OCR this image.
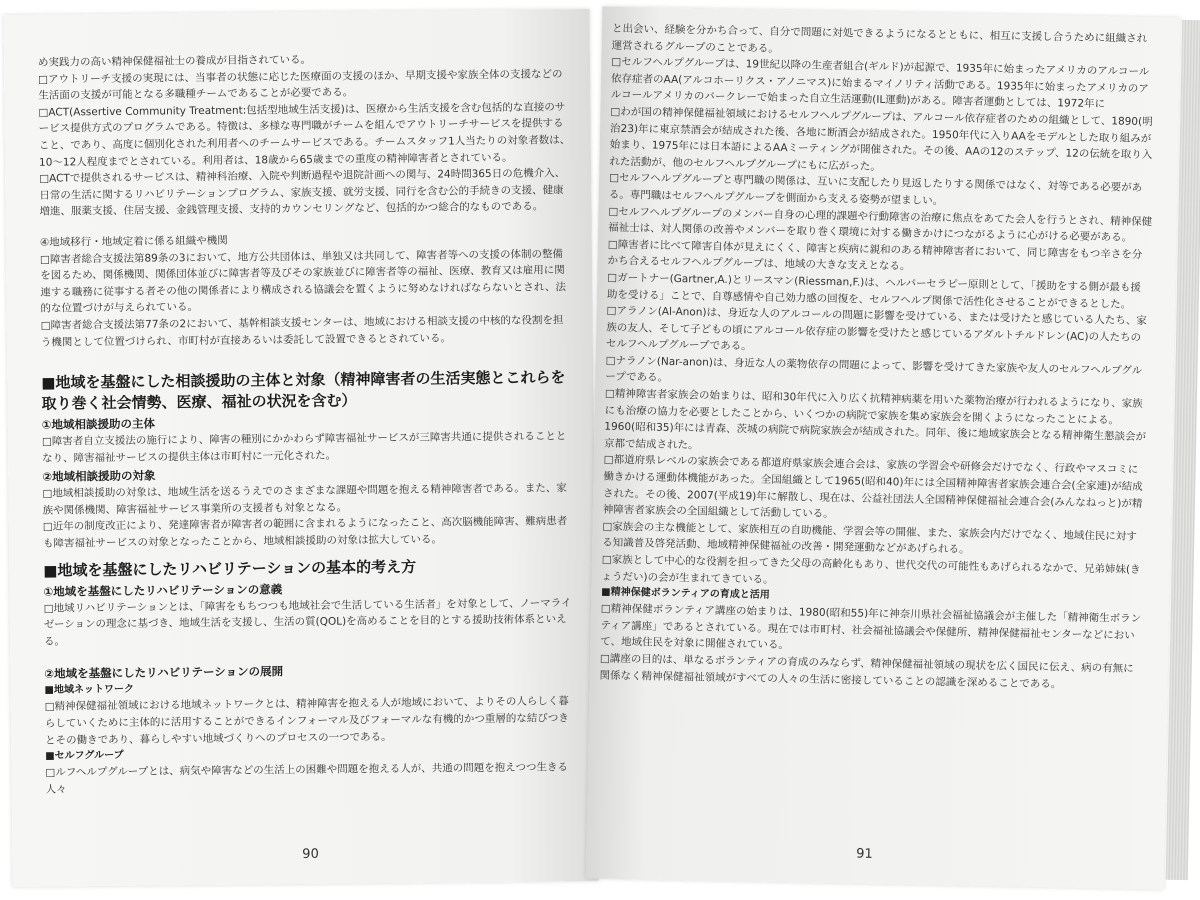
め実践力の高い精神保健福祉士の養成が目指されている。

□アウトリーチ支援の実現には、当事者の状態に応じた医療面の支援のほか、早期支援や家族全体の支援などの生活面の支援が可能となる多職種チームであることが必要である。

□ACT(Assertive Community Treatment:包括型地域生活支援)は、医療から生活支援を含む包括的な直接のサービス提供方式のプログラムである。特徴は、多様な専門職がチームを組んでアウトリーチサービスを提供すること、であり、高度に個別化された利用者へのチームサービスである。チームスタッフ1人当たりの対象者数は、10～12人程度までとされている。利用者は、18歳から65歳までの重度の精神障害者とされている。

□ACTで提供されるサービスは、精神科治療、入院や判断過程や退院計画への関与、24時間365日の危機介入、日常の生活に関するリハビリテーションプログラム、家族支援、就労支援、同行を含む公的手続きの支援、健康増進、服薬支援、住居支援、金銭管理支援、支持的カウンセリングなど、包括的かつ総合的なものである。

④地域移行・地域定着に係る組織や機関

□障害者総合支援法第89条の3において、地方公共団体は、単独又は共同して、障害者等への支援の体制の整備を図るため、関係機関、関係団体並びに障害者等及びその家族並びに障害者等の福祉、医療、教育又は雇用に関連する職務に従事する者その他の関係者により構成される協議会を置くように努めなければならないとされ、法的な位置づけが与えられている。

□障害者総合支援法第77条の2において、基幹相談支援センターは、地域における相談支援の中核的な役割を担う機関として位置づけられ、市町村が直接あるいは委託して設置できるとされている。

■地域を基盤にした相談援助の主体と対象（精神障害者の生活実態とこれらを取り巻く社会情勢、医療、福祉の状況を含む）
①地域相談援助の主体

□障害者自立支援法の施行により、障害の種別にかかわらず障害福祉サービスが三障害共通に提供されることとなり、障害福祉サービスの提供主体は市町村に一元化された。

②地域相談援助の対象

□地域相談援助の対象は、地域生活を送るうえでのさまざまな課題や問題を抱える精神障害者である。また、家族や関係機関、障害福祉サービス事業所の支援者も対象となる。

□近年の制度改正により、発達障害者が障害者の範囲に含まれるようになったこと、高次脳機能障害、難病患者も障害福祉サービスの対象となったことから、地域相談援助の対象は拡大している。

■地域を基盤にしたリハビリテーションの基本的考え方
①地域を基盤にしたリハビリテーションの意義

□地域リハビリテーションとは、「障害をもちつつも地域社会で生活している生活者」を対象として、ノーマライゼーションの理念に基づき、地域生活を支援し、生活の質(QOL)を高めることを目的とする援助技術体系といえる。

②地域を基盤にしたリハビリテーションの展開
■地域ネットワーク

□精神保健福祉領域における地域ネットワークとは、精神障害を抱える人が地域において、よりその人らしく暮らしていくために主体的に活用することができるインフォーマル及びフォーマルな有機的かつ重層的な結びつきとその働きであり、暮らしやすい地域づくりへのプロセスの一つである。

■セルフグループ

□ルフヘルプグループとは、病気や障害などの生活上の困難や問題を抱える人が、共通の問題を抱えつつ生きる人々

90

と出会い、経験を分かち合って、自分で問題に対処できるようになるとともに、相互に支援し合うために組織され運営されるグループのことである。

□セルフヘルプグループは、19世紀以降の生産者組合(ギルド)が起源で、1935年に始まったアメリカのアルコール依存症者のAA(アルコホーリクス・アノニマス)に始まるマイノリティ活動である。1935年に始まったアメリカのアルコールアメリカのバークレーで始まった自立生活運動(IL運動)がある。障害者運動としては、1972年に

□わが国の精神保健福祉領域におけるセルフヘルプグループは、アルコール依存症者のための組織として、1890(明治23)年に東京禁酒会が結成された後、各地に断酒会が結成された。1950年代に入りAAをモデルとした取り組みが始まり、1975年には日本語によるAAミーティングが開催された。その後、AAの12のステップ、12の伝統を取り入れた活動が、他のセルフヘルプグループにもに広がった。

□セルフヘルプグループと専門職の関係は、互いに支配したり見返したりする関係ではなく、対等である必要がある。専門職はセルフヘルプグループを側面から支える姿勢が望ましい。

□セルフヘルプグループのメンバー自身の心理的課題や行動障害の治療に焦点をあてた会人を行うとされ、精神保健福祉士は、対人関係の改善やメンバーを取り巻く環境に対する働きかけにつながるように心がける必要がある。

□障害者に比べて障害自体が見えにくく、障害と疾病に親和のある精神障害者において、同じ障害をもつ辛さを分かち合えるセルフヘルプグループは、地域の大きな支えとなる。

□ガートナー(Gartner,A.)とリースマン(Riessman,F.)は、ヘルパーセラピー原則として、「援助をする側が最も援助を受ける」ことで、自尊感情や自己効力感の回復を、セルフヘルプ関係で活性化させることができるとした。

□アラノン(Al-Anon)は、身近な人のアルコールの問題に影響を受けている、または受けたと感じている人たち、家族の友人、そして子どもの頃にアルコール依存症の影響を受けたと感じているアダルトチルドレン(AC)の人たちのセルフヘルプグループである。

□ナラノン(Nar-anon)は、身近な人の薬物依存の問題によって、影響を受けてきた家族や友人のセルフヘルプグループである。

□精神障害者家族会の始まりは、昭和30年代に入り広く抗精神病薬を用いた薬物治療が行われるようになり、家族にも治療の協力を必要としたことから、いくつかの病院で家族を集め家族会を開くようになったことによる。1960(昭和35)年には青森、茨城の病院で病院家族会が結成された。同年、後に地域家族会となる精神衛生懇談会が京都で結成された。

□都道府県レベルの家族会である都道府県家族会連合会は、家族の学習会や研修会だけでなく、行政やマスコミに働きかける運動体機能があった。全国組織として1965(昭和40)年には全国精神障害者家族会連合会(全家連)が結成された。その後、2007(平成19)年に解散し、現在は、公益社団法人全国精神保健福祉会連合会(みんなねっと)が精神障害者家族会の全国組織として活動している。

□家族会の主な機能として、家族相互の自助機能、学習会等の開催、また、家族会内だけでなく、地域住民に対する知識普及啓発活動、地域精神保健福祉の改善・開発運動などがあげられる。

□家族として中心的な役割を担ってきた父母の高齢化もあり、世代交代の可能性もあげられるなかで、兄弟姉妹(きょうだい)の会が生まれてきている。

■精神保健ボランティアの育成と活用

□精神保健ボランティア講座の始まりは、1980(昭和55)年に神奈川県社会福祉協議会が主催した「精神衛生ボランティア講座」であるとされている。現在では市町村、社会福祉協議会や保健所、精神保健福祉センターなどにおいて、地域住民を対象に開催されている。

□講座の目的は、単なるボランティアの育成のみならず、精神保健福祉領域の現状を広く国民に伝え、病の有無に関係なく精神保健福祉領域がすべての人々の生活に密接していることの認識を深めることである。

91
